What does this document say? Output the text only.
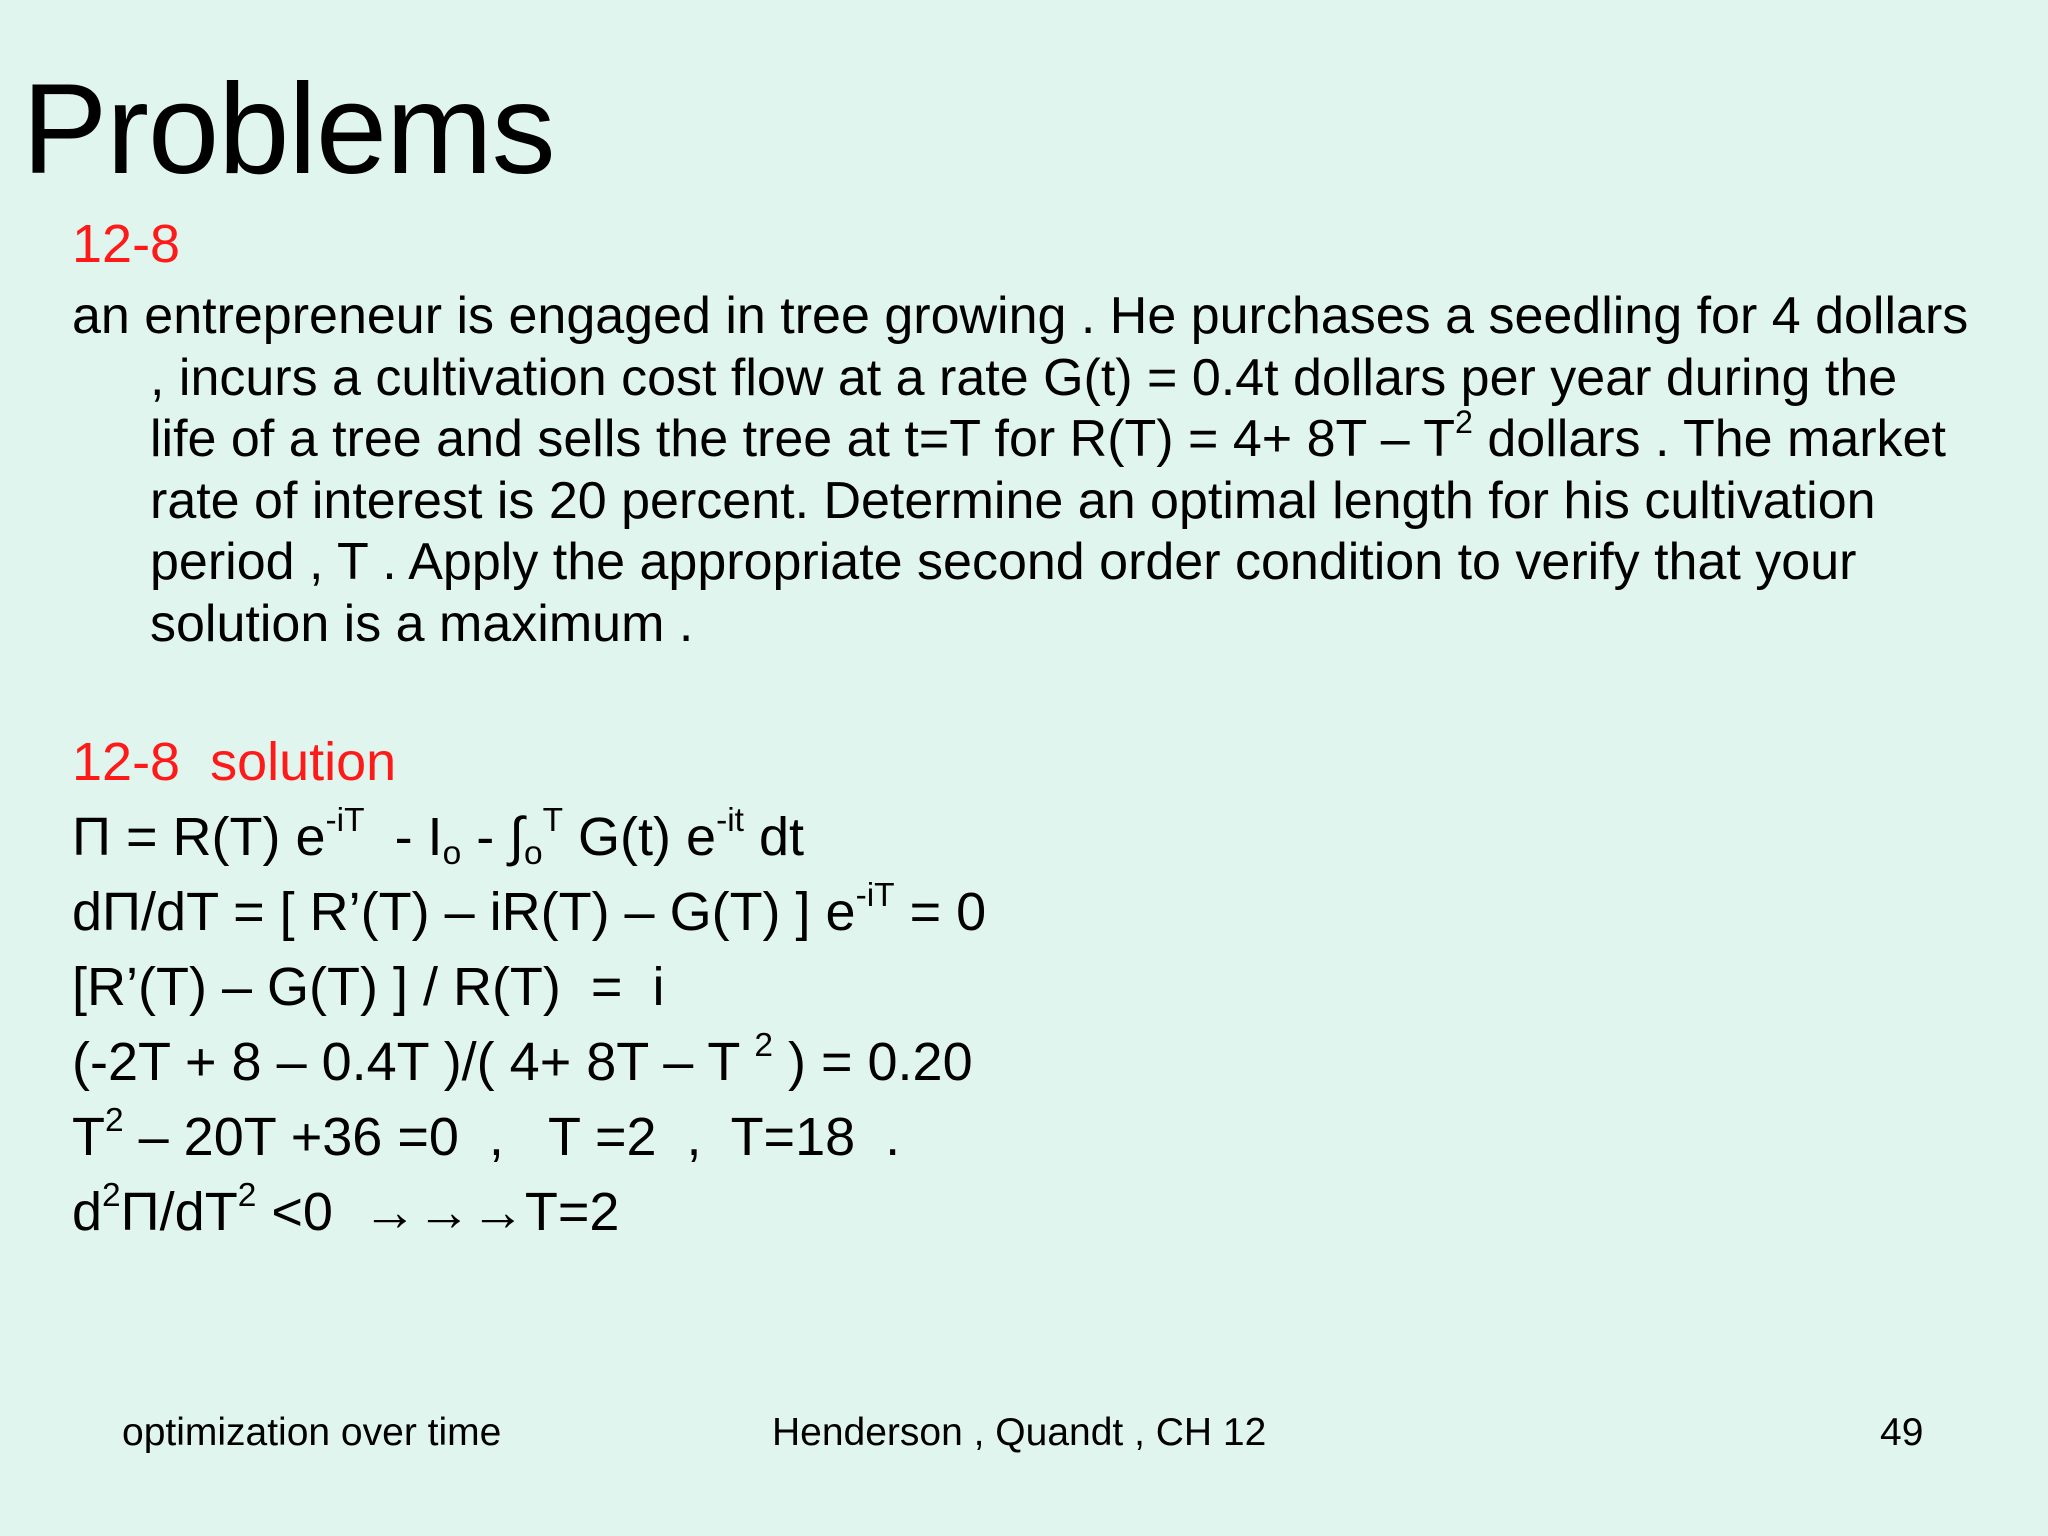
Problems
12-8
an entrepreneur is engaged in tree growing . He purchases a seedling for 4 dollars , incurs a cultivation cost flow at a rate G(t) = 0.4t dollars per year during the life of a tree and sells the tree at t=T for $R(T) = 4+ 8T - T^2$ dollars . The market rate of interest is 20 percent. Determine an optimal length for his cultivation period , T . Apply the appropriate second order condition to verify that your solution is a maximum .
12-8  solution
Π = R(T) $e^{-iT} - I_o - \int_o^T$ G(t) $e^{-it}$ dt
dΠ/dT = [ R’(T) – iR(T) – G(T) ] $e^{-iT} = 0$
[R’(T) – G(T) ] / R(T)  =  i
(-2T + 8 – 0.4T )/( 4+ 8T – T $^2$ ) = 0.20
$T^2 - 20T +36 =0$  ,   T =2  ,  T=18  .
$d^2\Pi/dT^2 <0 \to\to\to T=2$
optimization over time	Henderson , Quandt , CH 12	49
